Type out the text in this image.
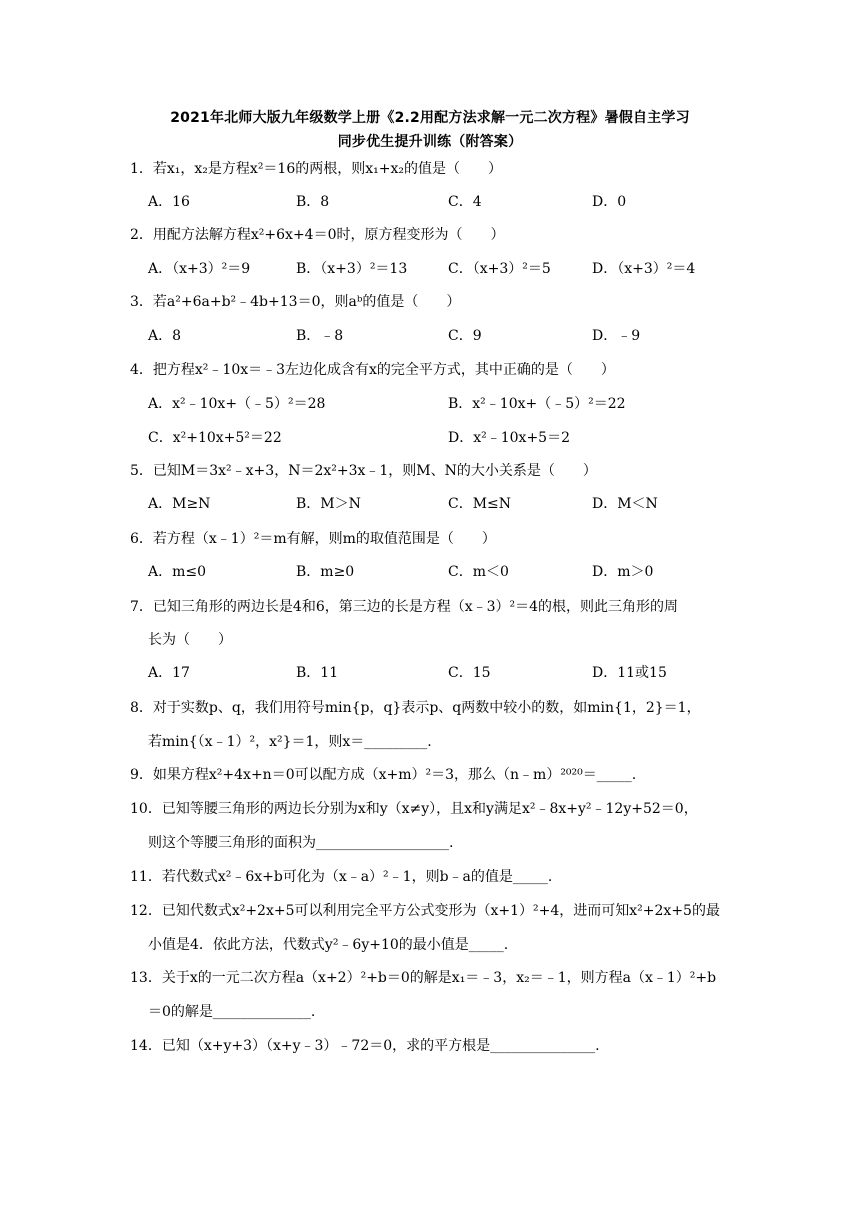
2021年北师大版九年级数学上册《2.2用配方法求解一元二次方程》暑假自主学习
同步优生提升训练（附答案）
1．若x₁，x₂是方程x²＝16的两根，则x₁+x₂的值是（　　）
A．16	B．8	C．4	D．0
2．用配方法解方程x²+6x+4＝0时，原方程变形为（　　）
A．（x+3）²＝9	B．（x+3）²＝13	C．（x+3）²＝5	D．（x+3）²＝4
3．若a²+6a+b²﹣4b+13＝0，则aᵇ的值是（　　）
A．8	B．﹣8	C．9	D．﹣9
4．把方程x²﹣10x＝﹣3左边化成含有x的完全平方式，其中正确的是（　　）
A．x²﹣10x+（﹣5）²＝28	B．x²﹣10x+（﹣5）²＝22
C．x²+10x+5²＝22	D．x²﹣10x+5＝2
5．已知M＝3x²﹣x+3，N＝2x²+3x﹣1，则M、N的大小关系是（　　）
A．M≥N	B．M＞N	C．M≤N	D．M＜N
6．若方程（x﹣1）²＝m有解，则m的取值范围是（　　）
A．m≤0	B．m≥0	C．m＜0	D．m＞0
7．已知三角形的两边长是4和6，第三边的长是方程（x﹣3）²＝4的根，则此三角形的周
长为（　　）
A．17	B．11	C．15	D．11或15
8．对于实数p、q，我们用符号min{p，q}表示p、q两数中较小的数，如min{1，2}＝1，
若min{（x﹣1）²，x²}＝1，则x＝_________.
9．如果方程x²+4x+n＝0可以配方成（x+m）²＝3，那么（n﹣m）²⁰²⁰＝_____.
10．已知等腰三角形的两边长分别为x和y（x≠y），且x和y满足x²﹣8x+y²﹣12y+52＝0，
则这个等腰三角形的面积为___________________.
11．若代数式x²﹣6x+b可化为（x﹣a）²﹣1，则b﹣a的值是_____.
12．已知代数式x²+2x+5可以利用完全平方公式变形为（x+1）²+4，进而可知x²+2x+5的最
小值是4．依此方法，代数式y²﹣6y+10的最小值是_____.
13．关于x的一元二次方程a（x+2）²+b＝0的解是x₁＝﹣3，x₂＝﹣1，则方程a（x﹣1）²+b
＝0的解是______________.
14．已知（x+y+3）（x+y﹣3）﹣72＝0，求的平方根是_______________.
